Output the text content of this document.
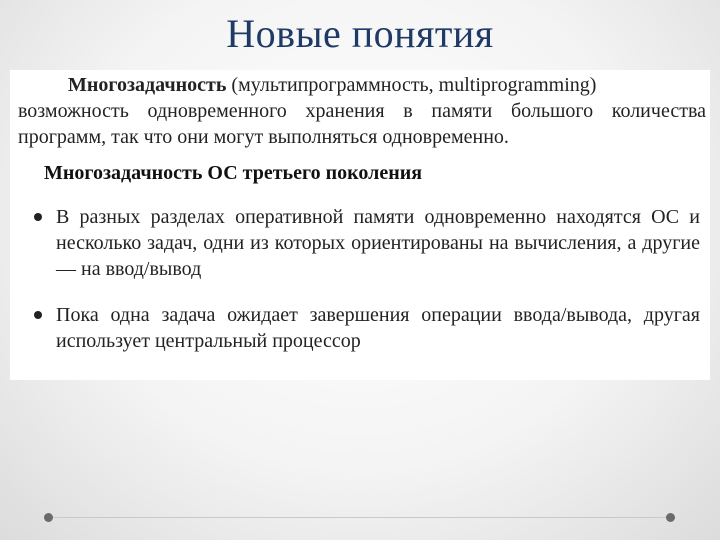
Новые понятия
Многозадачность (мультипрограммность, multiprogramming)
возможность одновременного хранения в памяти большого количества программ, так что они могут выполняться одновременно.
Многозадачность ОС третьего поколения
В разных разделах оперативной памяти одновременно находятся ОС и несколько задач, одни из которых ориентированы на вычисления, а другие — на ввод/вывод
Пока одна задача ожидает завершения операции ввода/вывода, другая использует центральный процессор
